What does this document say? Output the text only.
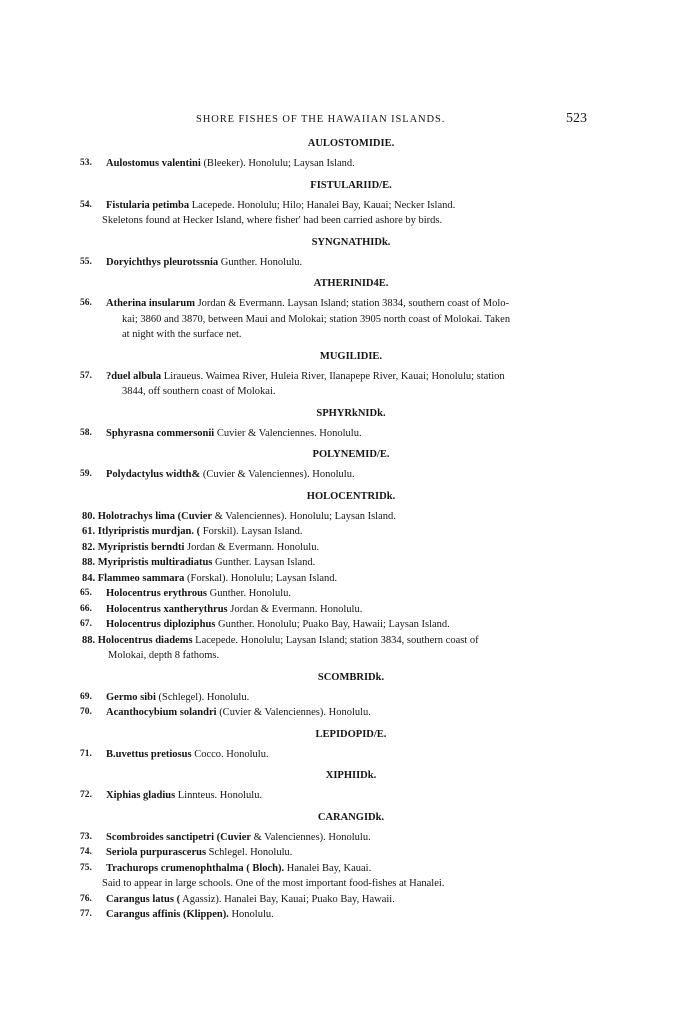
SHORE FISHES OF THE HAWAIIAN ISLANDS.	523
AULOSTOMIDIE.
53. Aulostomus valentini (Bleeker). Honolulu; Laysan Island.
FISTULARIID/E.
54. Fistularia petimba Lacepede. Honolulu; Hilo; Hanalei Bay, Kauai; Necker Island.
Skeletons found at Hecker Island, where fisher' had been carried ashore by birds.
SYNGNATHIDk.
55. Doryichthys pleurotssnia Gunther. Honolulu.
ATHERINID4E.
56. Atherina insularum Jordan & Evermann. Laysan Island; station 3834, southern coast of Molo-
kai; 3860 and 3870, between Maui and Molokai; station 3905 north coast of Molokai. Taken
at night with the surface net.
MUGILIDIE.
57. ?duel albula Liraueus. Waimea River, Huleia River, Ilanapepe River, Kauai; Honolulu; station
3844, off southern coast of Molokai.
SPHYRkNIDk.
58. Sphyrasna commersonii Cuvier & Valenciennes. Honolulu.
POLYNEMID/E.
59. Polydactylus width& (Cuvier & Valenciennes). Honolulu.
HOLOCENTRIDk.
80. Holotrachys lima (Cuvier & Valenciennes). Honolulu; Laysan Island.
61. Itlyripristis murdjan. ( Forskil). Laysan Island.
82. Myripristis berndti Jordan & Evermann. Honolulu.
88. Myripristis multiradiatus Gunther. Laysan Island.
84. Flammeo sammara (Forskal). Honolulu; Laysan Island.
65. Holocentrus erythrous Gunther. Honolulu.
66. Holocentrus xantherythrus Jordan & Evermann. Honolulu.
67. Holocentrus diploziphus Gunther. Honolulu; Puako Bay, Hawaii; Laysan Island.
88. Holocentrus diadems Lacepede. Honolulu; Laysan Island; station 3834, southern coast of
Molokai, depth 8 fathoms.
SCOMBRIDk.
69. Germo sibi (Schlegel). Honolulu.
70. Acanthocybium solandri (Cuvier & Valenciennes). Honolulu.
LEPIDOPID/E.
71. B.uvettus pretiosus Cocco. Honolulu.
XIPHIIDk.
72. Xiphias gladius Linnteus. Honolulu.
CARANGIDk.
73. Scombroides sanctipetri (Cuvier & Valenciennes). Honolulu.
74. Seriola purpurascerus Schlegel. Honolulu.
75. Trachurops crumenophthalma ( Bloch). Hanalei Bay, Kauai.
Said to appear in large schools. One of the most important food-fishes at Hanalei.
76. Carangus latus ( Agassiz). Hanalei Bay, Kauai; Puako Bay, Hawaii.
77. Carangus affinis (Klippen). Honolulu.
